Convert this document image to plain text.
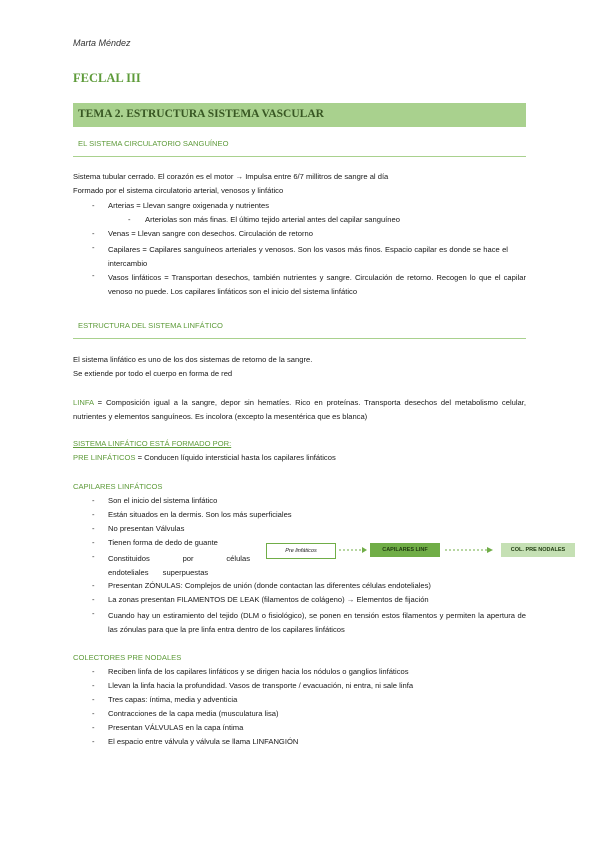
Marta Méndez
FECLAL III
TEMA 2. ESTRUCTURA SISTEMA VASCULAR
EL SISTEMA CIRCULATORIO SANGUÍNEO
Sistema tubular cerrado. El corazón es el motor → Impulsa entre 6/7 millitros de sangre al día
Formado por el sistema circulatorio arterial, venosos y linfático
- Arterias = Llevan sangre oxigenada y nutrientes
- Arteriolas son más finas. El último tejido arterial antes del capilar sanguíneo
- Venas = Llevan sangre con desechos. Circulación de retorno
- Capilares = Capilares sanguíneos arteriales y venosos. Son los vasos más finos. Espacio capilar es donde se hace el intercambio
- Vasos linfáticos = Transportan desechos, también nutrientes y sangre. Circulación de retorno. Recogen lo que el capilar venoso no puede. Los capilares linfáticos son el inicio del sistema linfático
ESTRUCTURA DEL SISTEMA LINFÁTICO
El sistema linfático es uno de los dos sistemas de retorno de la sangre.
Se extiende por todo el cuerpo en forma de red
LINFA = Composición igual a la sangre, depor sin hematíes. Rico en proteínas. Transporta desechos del metabolismo celular, nutrientes y elementos sanguíneos. Es incolora (excepto la mesentérica que es blanca)
SISTEMA LINFÁTICO ESTÁ FORMADO POR:
PRE LINFÁTICOS = Conducen líquido intersticial hasta los capilares linfáticos
CAPILARES LINFÁTICOS
- Son el inicio del sistema linfático
- Están situados en la dermis. Son los más superficiales
- No presentan Válvulas
- Tienen forma de dedo de guante
- Constituidos por células endoteliales superpuestas
- Presentan ZÓNULAS: Complejos de unión (donde contactan las diferentes células endoteliales)
- La zonas presentan FILAMENTOS DE LEAK (filamentos de colágeno) → Elementos de fijación
- Cuando hay un estiramiento del tejido (DLM o fisiológico), se ponen en tensión estos filamentos y permiten la apertura de las zónulas para que la pre linfa entra dentro de los capilares linfáticos
Pre linfáticos	CAPILARES LINF	COL. PRE NODALES
COLECTORES PRE NODALES
- Reciben linfa de los capilares linfáticos y se dirigen hacia los nódulos o ganglios linfáticos
- Llevan la linfa hacia la profundidad. Vasos de transporte / evacuación, ni entra, ni sale linfa
- Tres capas: íntima, media y adventicia
- Contracciones de la capa media (musculatura lisa)
- Presentan VÁLVULAS en la capa íntima
- El espacio entre válvula y válvula se llama LINFANGIÓN
